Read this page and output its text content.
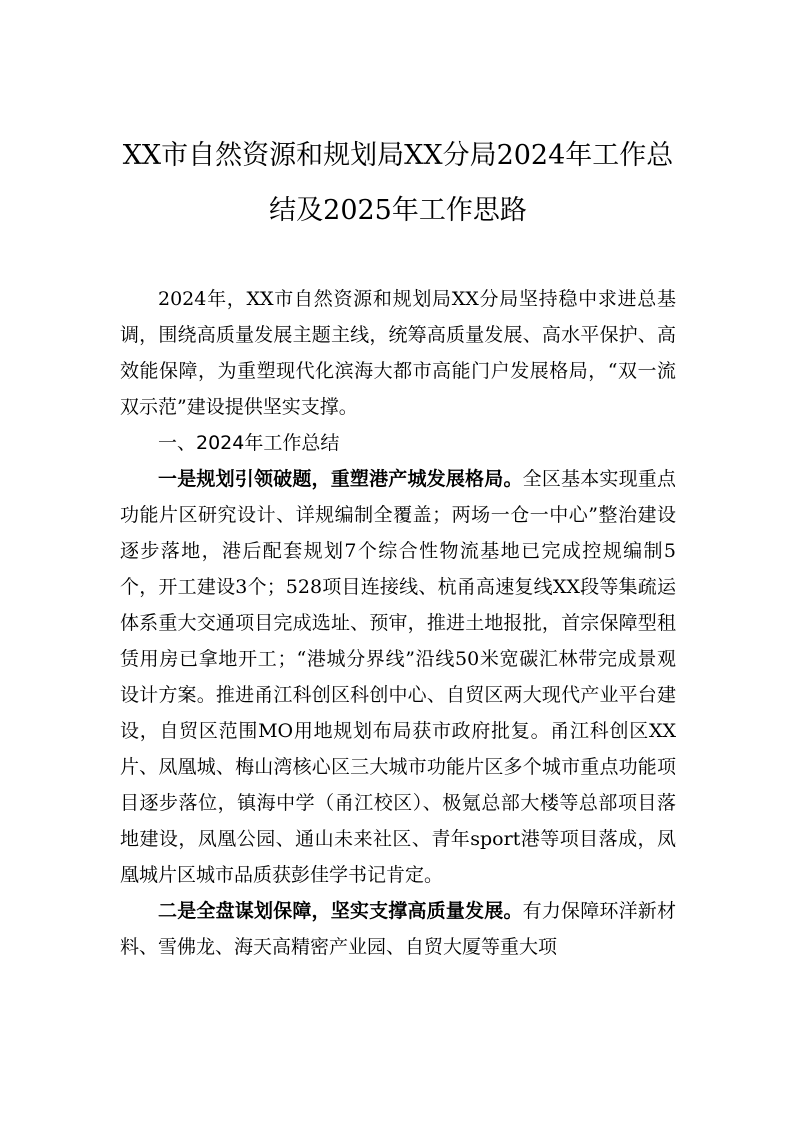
XX市自然资源和规划局XX分局2024年工作总结及2025年工作思路

2024年，XX市自然资源和规划局XX分局坚持稳中求进总基调，围绕高质量发展主题主线，统筹高质量发展、高水平保护、高效能保障，为重塑现代化滨海大都市高能门户发展格局，“双一流双示范”建设提供坚实支撑。

一、2024年工作总结

一是规划引领破题，重塑港产城发展格局。全区基本实现重点功能片区研究设计、详规编制全覆盖；两场一仓一中心”整治建设逐步落地，港后配套规划7个综合性物流基地已完成控规编制5个，开工建设3个；528项目连接线、杭甬高速复线XX段等集疏运体系重大交通项目完成选址、预审，推进土地报批，首宗保障型租赁用房已拿地开工；“港城分界线”沿线50米宽碳汇林带完成景观设计方案。推进甬江科创区科创中心、自贸区两大现代产业平台建设，自贸区范围MO用地规划布局获市政府批复。甬江科创区XX片、凤凰城、梅山湾核心区三大城市功能片区多个城市重点功能项目逐步落位，镇海中学（甬江校区）、极氪总部大楼等总部项目落地建设，凤凰公园、通山未来社区、青年sport港等项目落成，凤凰城片区城市品质获彭佳学书记肯定。

二是全盘谋划保障，坚实支撑高质量发展。有力保障环洋新材料、雪佛龙、海天高精密产业园、自贸大厦等重大项
